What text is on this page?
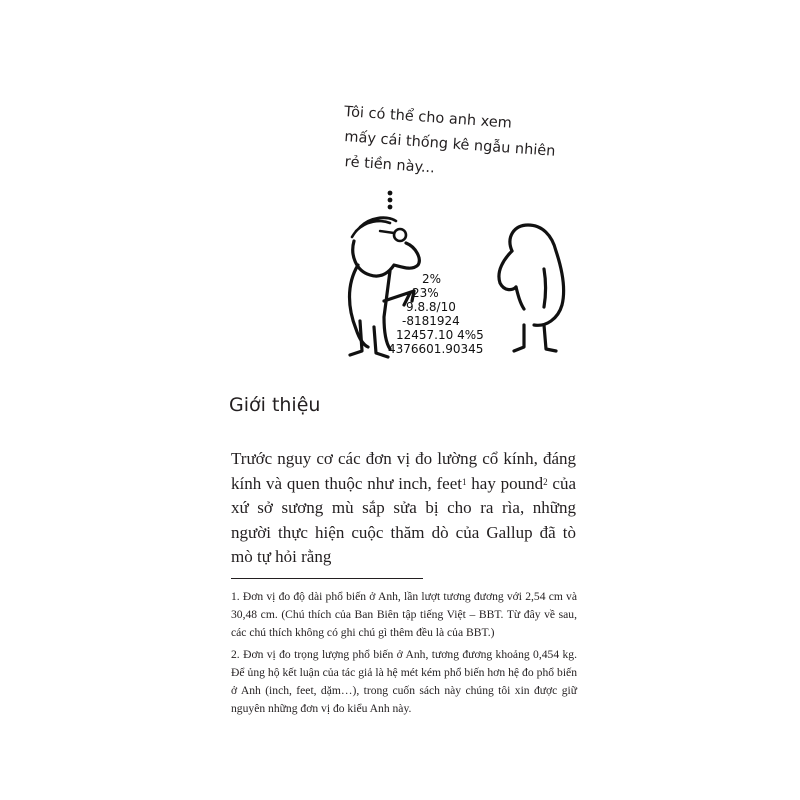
Tôi có thể cho anh xem
mấy cái thống kê ngẫu nhiên
rẻ tiền này...
2%
23%
9.8.8/10
-8181924
12457.10 4%5
4376601.90345
Giới thiệu

Trước nguy cơ các đơn vị đo lường cổ kính, đáng kính và quen thuộc như inch, feet$^1$ hay pound$^2$ của xứ sở sương mù sắp sửa bị cho ra rìa, những người thực hiện cuộc thăm dò của Gallup đã tò mò tự hỏi rằng

1. Đơn vị đo độ dài phổ biến ở Anh, lần lượt tương đương với 2,54 cm và 30,48 cm. (Chú thích của Ban Biên tập tiếng Việt – BBT. Từ đây về sau, các chú thích không có ghi chú gì thêm đều là của BBT.)

2. Đơn vị đo trọng lượng phổ biến ở Anh, tương đương khoảng 0,454 kg. Để ủng hộ kết luận của tác giả là hệ mét kém phổ biến hơn hệ đo phổ biến ở Anh (inch, feet, dặm…), trong cuốn sách này chúng tôi xin được giữ nguyên những đơn vị đo kiểu Anh này.
